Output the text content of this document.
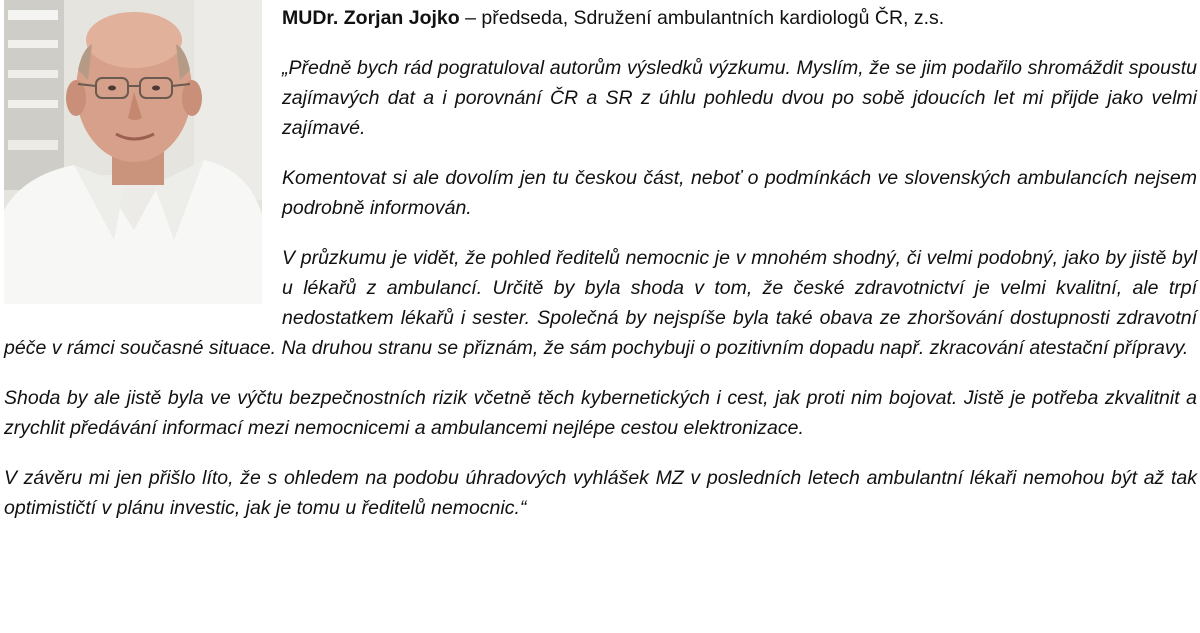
MUDr. Zorjan Jojko – předseda, Sdružení ambulantních kardiologů ČR, z.s.

„Předně bych rád pogratuloval autorům výsledků výzkumu. Myslím, že se jim podařilo shromáždit spoustu zajímavých dat a i porovnání ČR a SR z úhlu pohledu dvou po sobě jdoucích let mi přijde jako velmi zajímavé.

Komentovat si ale dovolím jen tu českou část, neboť o podmínkách ve slovenských ambulancích nejsem podrobně informován.

V průzkumu je vidět, že pohled ředitelů nemocnic je v mnohém shodný, či velmi podobný, jako by jistě byl u lékařů z ambulancí. Určitě by byla shoda v tom, že české zdravotnictví je velmi kvalitní, ale trpí nedostatkem lékařů i sester. Společná by nejspíše byla také obava ze zhoršování dostupnosti zdravotní péče v rámci současné situace. Na druhou stranu se přiznám, že sám pochybuji o pozitivním dopadu např. zkracování atestační přípravy.

Shoda by ale jistě byla ve výčtu bezpečnostních rizik včetně těch kybernetických i cest, jak proti nim bojovat. Jistě je potřeba zkvalitnit a zrychlit předávání informací mezi nemocnicemi a ambulancemi nejlépe cestou elektronizace.

V závěru mi jen přišlo líto, že s ohledem na podobu úhradových vyhlášek MZ v posledních letech ambulantní lékaři nemohou být až tak optimističtí v plánu investic, jak je tomu u ředitelů nemocnic.“
